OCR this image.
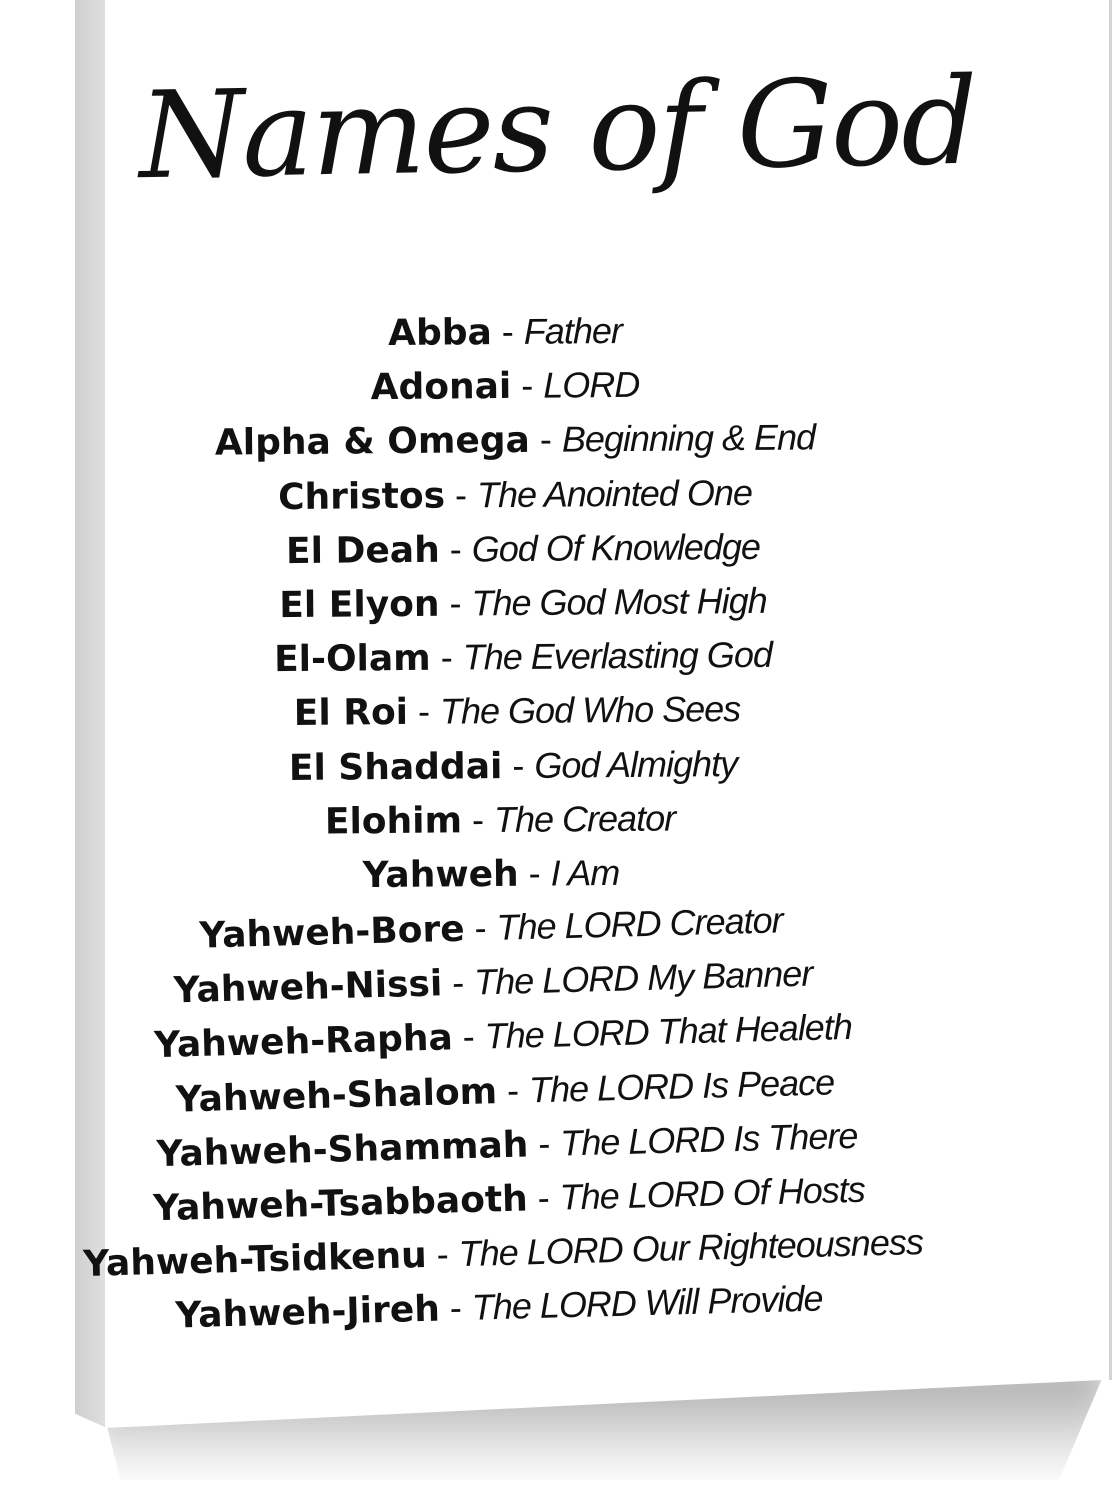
Names of God
Abba - Father
Adonai - LORD
Alpha & Omega - Beginning & End
Christos - The Anointed One
El Deah - God Of Knowledge
El Elyon - The God Most High
El-Olam - The Everlasting God
El Roi - The God Who Sees
El Shaddai - God Almighty
Elohim - The Creator
Yahweh - I Am
Yahweh-Bore - The LORD Creator
Yahweh-Nissi - The LORD My Banner
Yahweh-Rapha - The LORD That Healeth
Yahweh-Shalom - The LORD Is Peace
Yahweh-Shammah - The LORD Is There
Yahweh-Tsabbaoth - The LORD Of Hosts
Yahweh-Tsidkenu - The LORD Our Righteousness
Yahweh-Jireh - The LORD Will Provide
